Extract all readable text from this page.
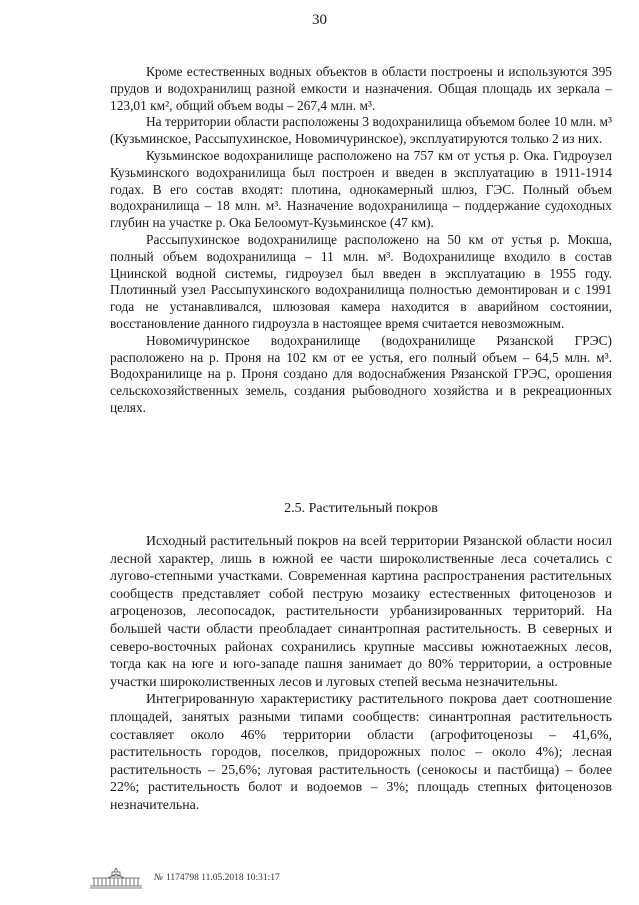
30

Кроме естественных водных объектов в области построены и используются 395 прудов и водохранилищ разной емкости и назначения. Общая площадь их зеркала – 123,01 км², общий объем воды – 267,4 млн. м³.

На территории области расположены 3 водохранилища объемом более 10 млн. м³ (Кузьминское, Рассыпухинское, Новомичуринское), эксплуатируются только 2 из них.

Кузьминское водохранилище расположено на 757 км от устья р. Ока. Гидроузел Кузьминского водохранилища был построен и введен в эксплуатацию в 1911-1914 годах. В его состав входят: плотина, однокамерный шлюз, ГЭС. Полный объем водохранилища – 18 млн. м³. Назначение водохранилища – поддержание судоходных глубин на участке р. Ока Белоомут-Кузьминское (47 км).

Рассыпухинское водохранилище расположено на 50 км от устья р. Мокша, полный объем водохранилища – 11 млн. м³. Водохранилище входило в состав Цнинской водной системы, гидроузел был введен в эксплуатацию в 1955 году. Плотинный узел Рассыпухинского водохранилища полностью демонтирован и с 1991 года не устанавливался, шлюзовая камера находится в аварийном состоянии, восстановление данного гидроузла в настоящее время считается невозможным.

Новомичуринское водохранилище (водохранилище Рязанской ГРЭС) расположено на р. Проня на 102 км от ее устья, его полный объем – 64,5 млн. м³. Водохранилище на р. Проня создано для водоснабжения Рязанской ГРЭС, орошения сельскохозяйственных земель, создания рыбоводного хозяйства и в рекреационных целях.

2.5. Растительный покров

Исходный растительный покров на всей территории Рязанской области носил лесной характер, лишь в южной ее части широколиственные леса сочетались с лугово-степными участками. Современная картина распространения растительных сообществ представляет собой пеструю мозаику естественных фитоценозов и агроценозов, лесопосадок, растительности урбанизированных территорий. На большей части области преобладает синантропная растительность. В северных и северо-восточных районах сохранились крупные массивы южнотаежных лесов, тогда как на юге и юго-западе пашня занимает до 80% территории, а островные участки широколиственных лесов и луговых степей весьма незначительны.

Интегрированную характеристику растительного покрова дает соотношение площадей, занятых разными типами сообществ: синантропная растительность составляет около 46% территории области (агрофитоценозы – 41,6%, растительность городов, поселков, придорожных полос – около 4%); лесная растительность – 25,6%; луговая растительность (сенокосы и пастбища) – более 22%; растительность болот и водоемов – 3%; площадь степных фитоценозов незначительна.

№ 1174798
11.05.2018
10:31:17
